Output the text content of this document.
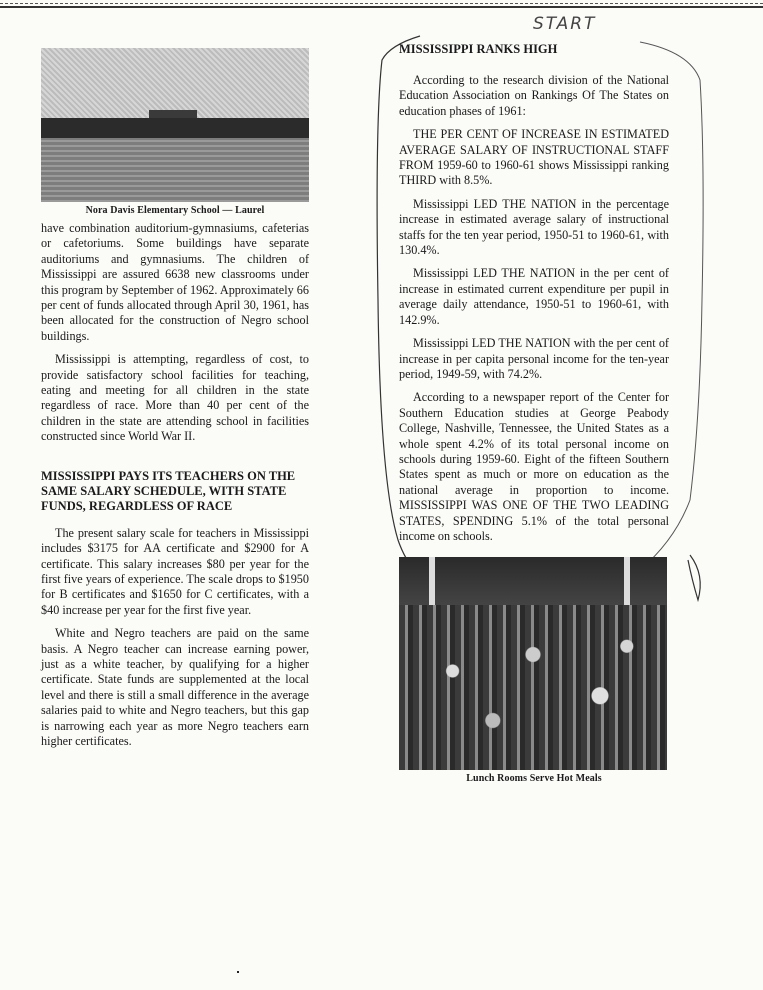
START
Nora Davis Elementary School — Laurel

have combination auditorium-gymnasiums, cafeterias or cafetoriums. Some buildings have separate auditoriums and gymnasiums. The children of Mississippi are assured 6638 new classrooms under this program by September of 1962. Approximately 66 per cent of funds allocated through April 30, 1961, has been allocated for the construction of Negro school buildings.

Mississippi is attempting, regardless of cost, to provide satisfactory school facilities for teaching, eating and meeting for all children in the state regardless of race. More than 40 per cent of the children in the state are attending school in facilities constructed since World War II.

MISSISSIPPI PAYS ITS TEACHERS ON THE SAME SALARY SCHEDULE, WITH STATE FUNDS, REGARDLESS OF RACE

The present salary scale for teachers in Mississippi includes $3175 for AA certificate and $2900 for A certificate. This salary increases $80 per year for the first five years of experience. The scale drops to $1950 for B certificates and $1650 for C certificates, with a $40 increase per year for the first five year.

White and Negro teachers are paid on the same basis. A Negro teacher can increase earning power, just as a white teacher, by qualifying for a higher certificate. State funds are supplemented at the local level and there is still a small difference in the average salaries paid to white and Negro teachers, but this gap is narrowing each year as more Negro teachers earn higher certificates.

MISSISSIPPI RANKS HIGH

According to the research division of the National Education Association on Rankings Of The States on education phases of 1961:

THE PER CENT OF INCREASE IN ESTIMATED AVERAGE SALARY OF INSTRUCTIONAL STAFF FROM 1959-60 to 1960-61 shows Mississippi ranking THIRD with 8.5%.

Mississippi LED THE NATION in the percentage increase in estimated average salary of instructional staffs for the ten year period, 1950-51 to 1960-61, with 130.4%.

Mississippi LED THE NATION in the per cent of increase in estimated current expenditure per pupil in average daily attendance, 1950-51 to 1960-61, with 142.9%.

Mississippi LED THE NATION with the per cent of increase in per capita personal income for the ten-year period, 1949-59, with 74.2%.

According to a newspaper report of the Center for Southern Education studies at George Peabody College, Nashville, Tennessee, the United States as a whole spent 4.2% of its total personal income on schools during 1959-60. Eight of the fifteen Southern States spent as much or more on education as the national average in proportion to income. MISSISSIPPI WAS ONE OF THE TWO LEADING STATES, SPENDING 5.1% of the total personal income on schools.

Lunch Rooms Serve Hot Meals
